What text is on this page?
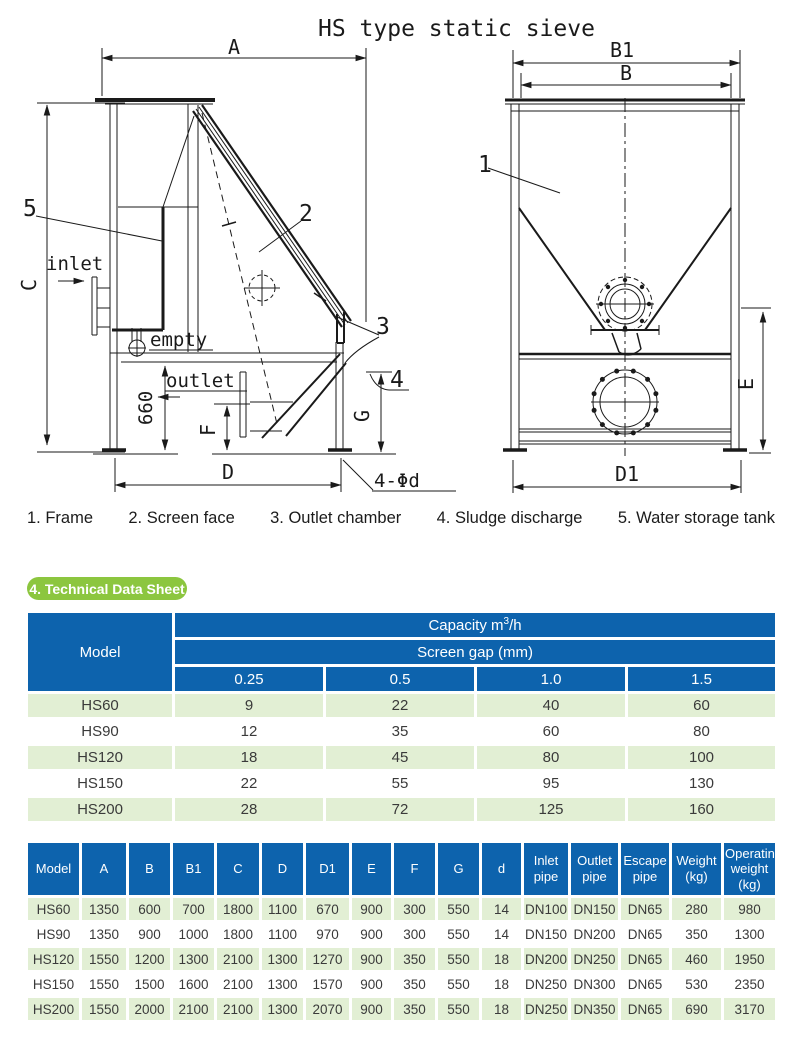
HS type static sieve
A
C
660
F
G
D
inlet
empty
outlet
4-Φd
2
3
4
5
B1
B
E
D1
1
1. Frame 2. Screen face 3. Outlet chamber 4. Sludge discharge 5. Water storage tank
4. Technical Data Sheet
Model	Capacity $m^3/h$			
	Screen gap (mm)			
	0.25	0.5	1.0	1.5
HS60	9	22	40	60
HS90	12	35	60	80
HS120	18	45	80	100
HS150	22	55	95	130
HS200	28	72	125	160
Model	A	B	B1	C	D	D1	E	F	G	d	Inlet pipe	Outlet pipe	Escape pipe	Weight (kg)	Operating weight (kg)
HS60	1350	600	700	1800	1100	670	900	300	550	14	DN100	DN150	DN65	280	980
HS90	1350	900	1000	1800	1100	970	900	300	550	14	DN150	DN200	DN65	350	1300
HS120	1550	1200	1300	2100	1300	1270	900	350	550	18	DN200	DN250	DN65	460	1950
HS150	1550	1500	1600	2100	1300	1570	900	350	550	18	DN250	DN300	DN65	530	2350
HS200	1550	2000	2100	2100	1300	2070	900	350	550	18	DN250	DN350	DN65	690	3170
